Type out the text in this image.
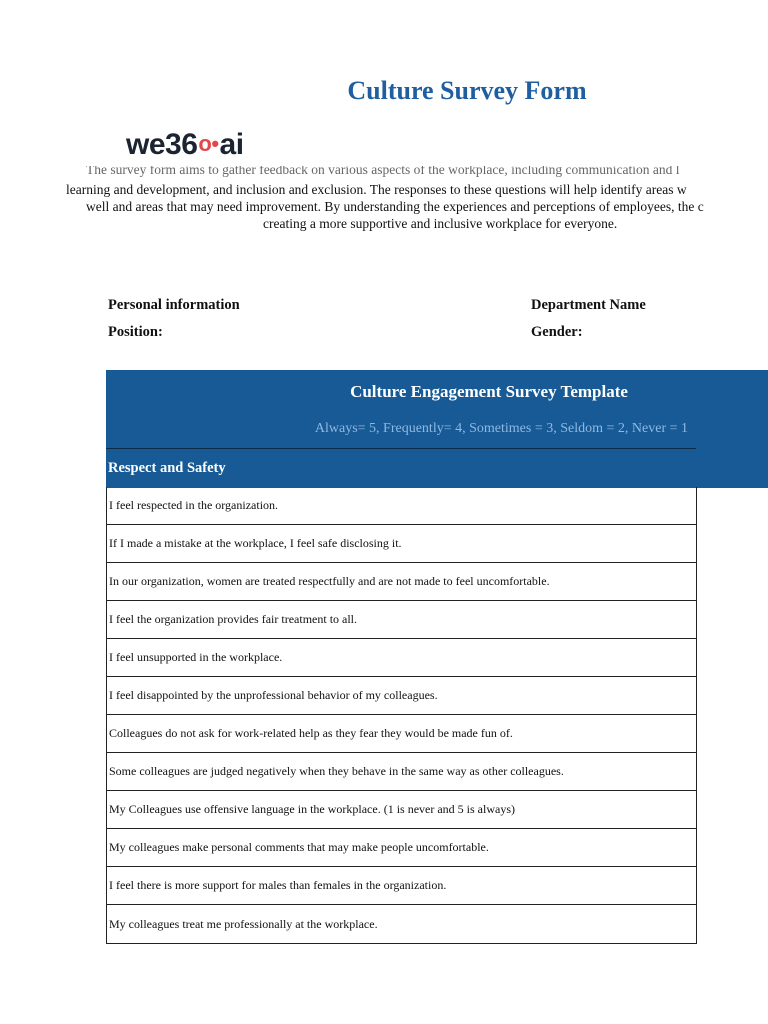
Culture Survey Form
we36o•ai
The survey form aims to gather feedback on various aspects of the workplace, including communication and l
learning and development, and inclusion and exclusion. The responses to these questions will help identify areas w
well and areas that may need improvement. By understanding the experiences and perceptions of employees, the c
creating a more supportive and inclusive workplace for everyone.
Personal information	Department Name
Position:	Gender:
Culture Engagement Survey Template
Always= 5, Frequently= 4, Sometimes = 3, Seldom = 2, Never = 1
Respect and Safety
I feel respected in the organization.
If I made a mistake at the workplace, I feel safe disclosing it.
In our organization, women are treated respectfully and are not made to feel uncomfortable.
I feel the organization provides fair treatment to all.
I feel unsupported in the workplace.
I feel disappointed by the unprofessional behavior of my colleagues.
Colleagues do not ask for work-related help as they fear they would be made fun of.
Some colleagues are judged negatively when they behave in the same way as other colleagues.
My Colleagues use offensive language in the workplace. (1 is never and 5 is always)
My colleagues make personal comments that may make people uncomfortable.
I feel there is more support for males than females in the organization.
My colleagues treat me professionally at the workplace.
